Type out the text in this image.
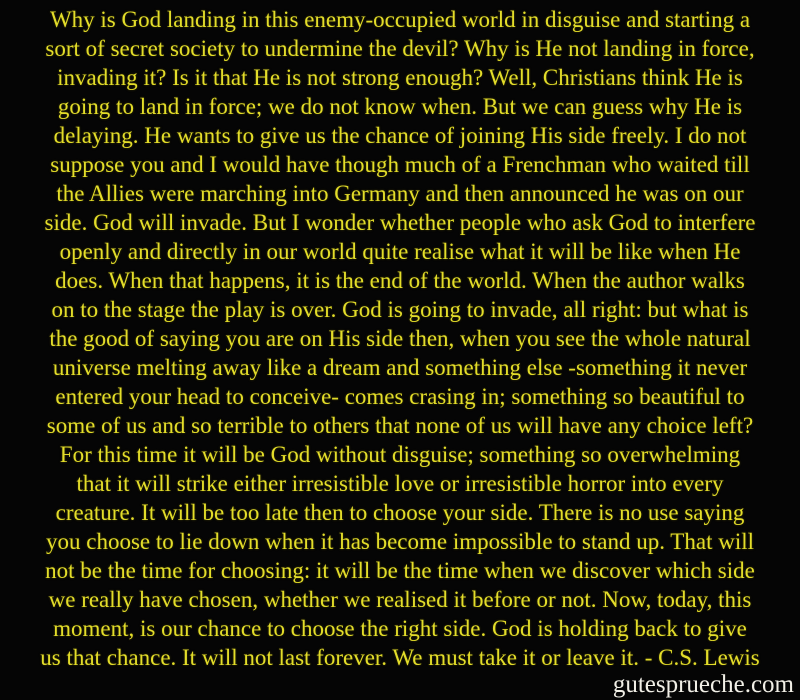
Why is God landing in this enemy-occupied world in disguise and starting a
sort of secret society to undermine the devil? Why is He not landing in force,
invading it? Is it that He is not strong enough? Well, Christians think He is
going to land in force; we do not know when. But we can guess why He is
delaying. He wants to give us the chance of joining His side freely. I do not
suppose you and I would have though much of a Frenchman who waited till
the Allies were marching into Germany and then announced he was on our
side. God will invade. But I wonder whether people who ask God to interfere
openly and directly in our world quite realise what it will be like when He
does. When that happens, it is the end of the world. When the author walks
on to the stage the play is over. God is going to invade, all right: but what is
the good of saying you are on His side then, when you see the whole natural
universe melting away like a dream and something else -something it never
entered your head to conceive- comes crasing in; something so beautiful to
some of us and so terrible to others that none of us will have any choice left?
For this time it will be God without disguise; something so overwhelming
that it will strike either irresistible love or irresistible horror into every
creature. It will be too late then to choose your side. There is no use saying
you choose to lie down when it has become impossible to stand up. That will
not be the time for choosing: it will be the time when we discover which side
we really have chosen, whether we realised it before or not. Now, today, this
moment, is our chance to choose the right side. God is holding back to give
us that chance. It will not last forever. We must take it or leave it. - C.S. Lewis
gutesprueche.com
